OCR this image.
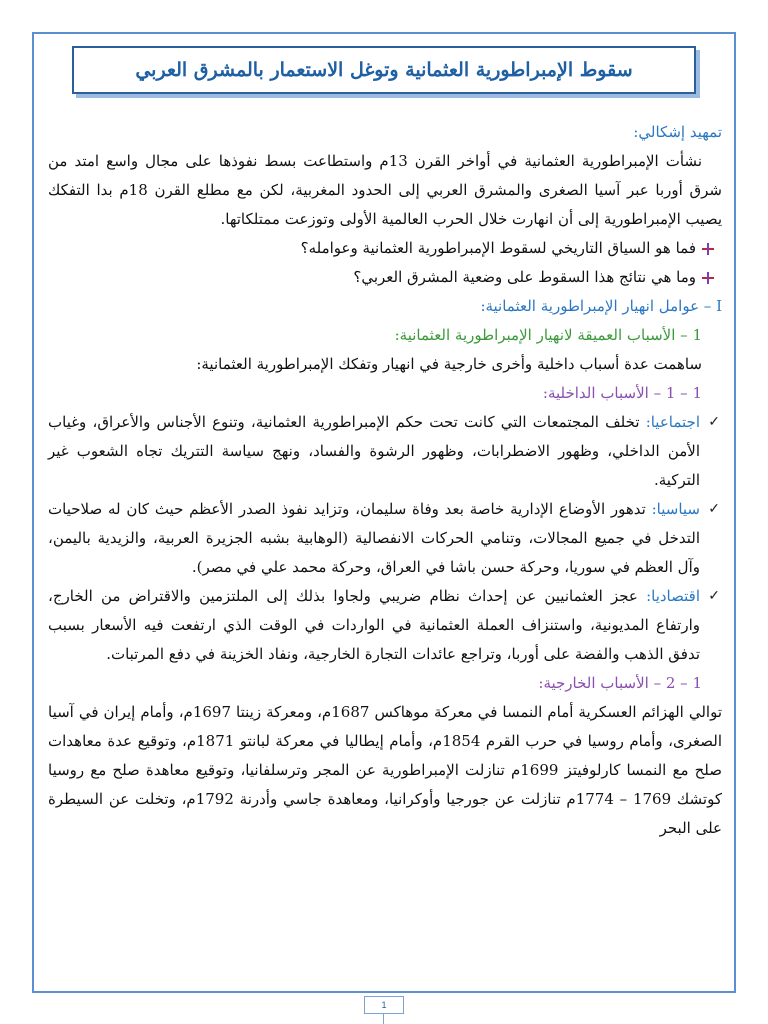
سقوط الإمبراطورية العثمانية وتوغل الاستعمار بالمشرق العربي

تمهيد إشكالي:

نشأت الإمبراطورية العثمانية في أواخر القرن 13م واستطاعت بسط نفوذها على مجال واسع امتد من شرق أوربا عبر آسيا الصغرى والمشرق العربي إلى الحدود المغربية، لكن مع مطلع القرن 18م بدا التفكك يصيب الإمبراطورية إلى أن انهارت خلال الحرب العالمية الأولى وتوزعت ممتلكاتها.

فما هو السياق التاريخي لسقوط الإمبراطورية العثمانية وعوامله؟

وما هي نتائج هذا السقوط على وضعية المشرق العربي؟

I – عوامل انهيار الإمبراطورية العثمانية:

1 – الأسباب العميقة لانهيار الإمبراطورية العثمانية:

ساهمت عدة أسباب داخلية وأخرى خارجية في انهيار وتفكك الإمبراطورية العثمانية:

1 – 1 – الأسباب الداخلية:

✓
اجتماعيا: تخلف المجتمعات التي كانت تحت حكم الإمبراطورية العثمانية، وتنوع الأجناس والأعراق، وغياب الأمن الداخلي، وظهور الاضطرابات، وظهور الرشوة والفساد، ونهج سياسة التتريك تجاه الشعوب غير التركية.

✓
سياسيا: تدهور الأوضاع الإدارية خاصة بعد وفاة سليمان، وتزايد نفوذ الصدر الأعظم حيث كان له صلاحيات التدخل في جميع المجالات، وتنامي الحركات الانفصالية (الوهابية بشبه الجزيرة العربية، والزيدية باليمن، وآل العظم في سوريا، وحركة حسن باشا في العراق، وحركة محمد علي في مصر).

✓
اقتصاديا: عجز العثمانيين عن إحداث نظام ضريبي ولجاوا بذلك إلى الملتزمين والاقتراض من الخارج، وارتفاع المديونية، واستنزاف العملة العثمانية في الواردات في الوقت الذي ارتفعت فيه الأسعار بسبب تدفق الذهب والفضة على أوربا، وتراجع عائدات التجارة الخارجية، ونفاد الخزينة في دفع المرتبات.

1 – 2 – الأسباب الخارجية:

توالي الهزائم العسكرية أمام النمسا في معركة موهاكس 1687م، ومعركة زينتا 1697م، وأمام إيران في آسيا الصغرى، وأمام روسيا في حرب القرم 1854م، وأمام إيطاليا في معركة لبانتو 1871م، وتوقيع عدة معاهدات صلح مع النمسا كارلوفيتز 1699م تنازلت الإمبراطورية عن المجر وترسلفانيا، وتوقيع معاهدة صلح مع روسيا كوتشك 1769 – 1774م تنازلت عن جورجيا وأوكرانيا، ومعاهدة جاسي وأدرنة 1792م، وتخلت عن السيطرة على البحر

1
